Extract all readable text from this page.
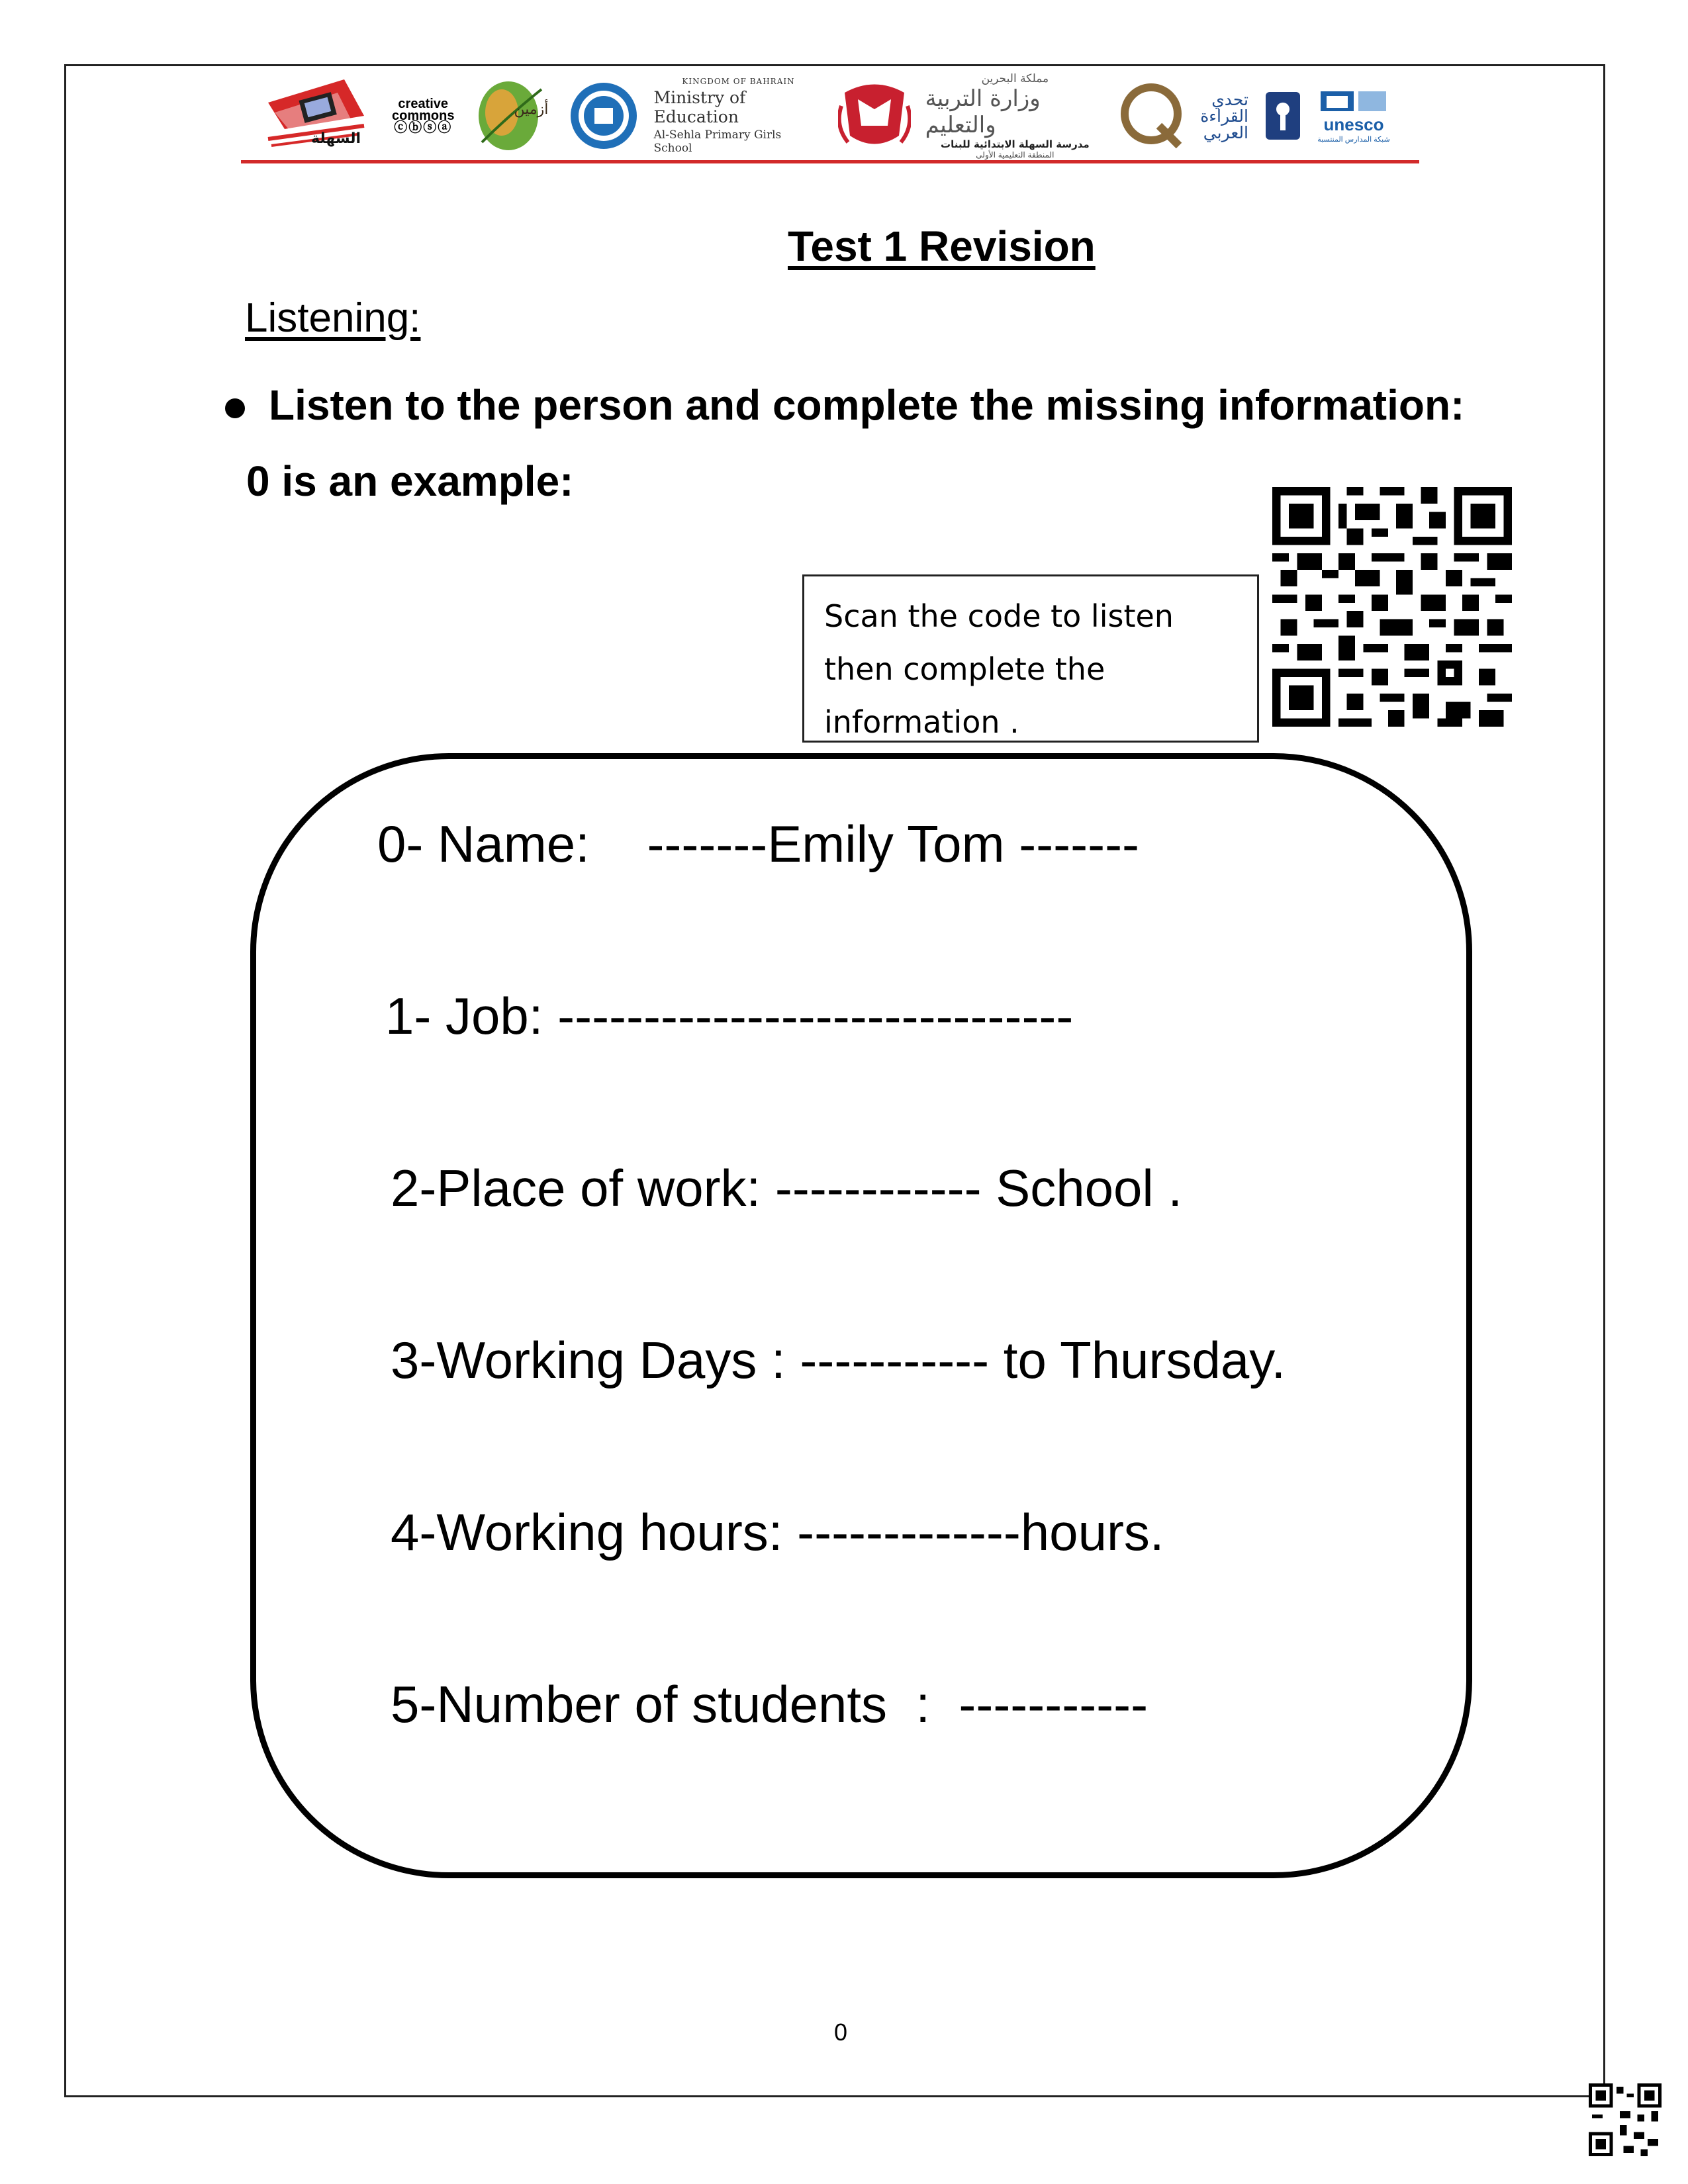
السهلة
creative
commons
ⓒⓑⓢⓐ
أزمين
KINGDOM OF BAHRAIN
Ministry of Education
Al-Sehla Primary Girls School
مملكة البحرين
وزارة التربية والتعليم
مدرسة السهلة الابتدائية للبنات
المنطقة التعليمية الأولى
تحدي
القراءة
العربي	unesco
شبكة المدارس المنتسبة
Test 1 Revision
Listening:
Listen to the person and complete the missing information:
0 is an example:
Scan the code to listen
then complete the
information .
0- Name:    -------Emily Tom -------
1- Job: ------------------------------
2-Place of work: ------------ School .
3-Working Days : ----------- to Thursday.
4-Working hours: -------------hours.
5-Number of students  :  -----------
0
